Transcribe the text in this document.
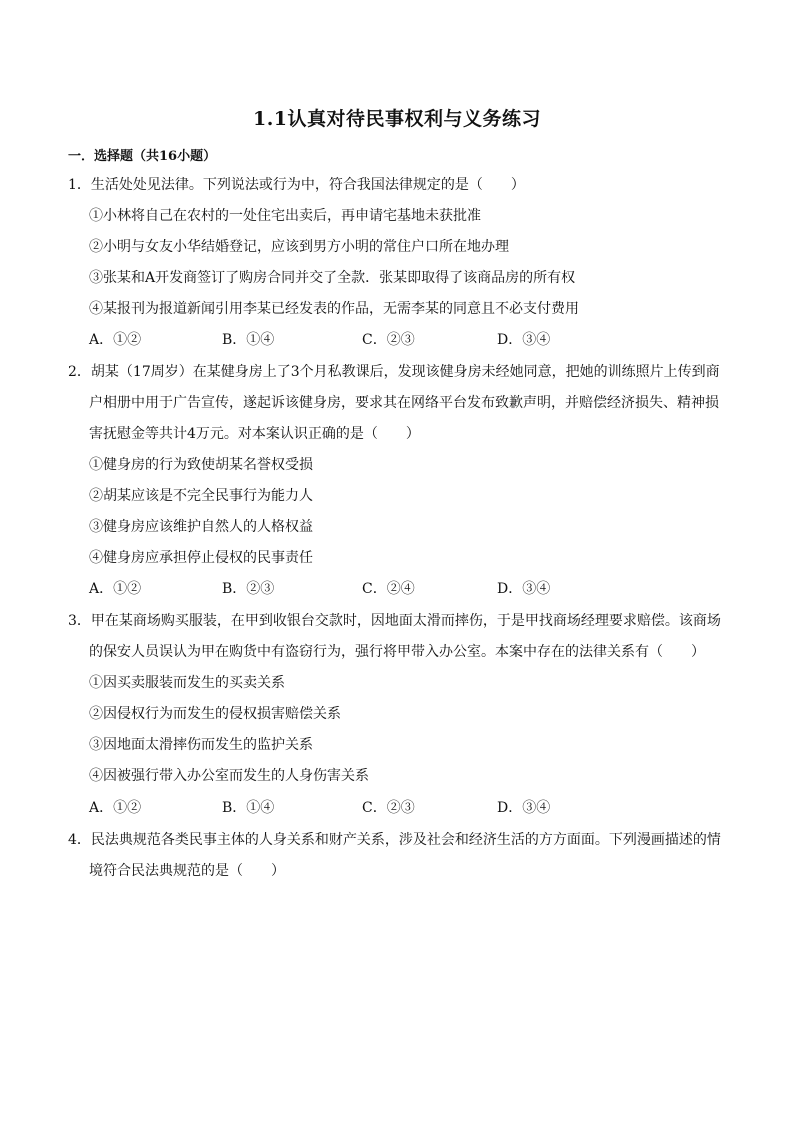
1.1认真对待民事权利与义务练习
一．选择题（共16小题）
1．生活处处见法律。下列说法或行为中，符合我国法律规定的是（　　）
①小林将自己在农村的一处住宅出卖后，再申请宅基地未获批准
②小明与女友小华结婚登记，应该到男方小明的常住户口所在地办理
③张某和A开发商签订了购房合同并交了全款．张某即取得了该商品房的所有权
④某报刊为报道新闻引用李某已经发表的作品，无需李某的同意且不必支付费用
A．①②	B．①④	C．②③	D．③④
2．胡某（17周岁）在某健身房上了3个月私教课后，发现该健身房未经她同意，把她的训练照片上传到商
户相册中用于广告宣传，遂起诉该健身房，要求其在网络平台发布致歉声明，并赔偿经济损失、精神损
害抚慰金等共计4万元。对本案认识正确的是（　　）
①健身房的行为致使胡某名誉权受损
②胡某应该是不完全民事行为能力人
③健身房应该维护自然人的人格权益
④健身房应承担停止侵权的民事责任
A．①②	B．②③	C．②④	D．③④
3．甲在某商场购买服装，在甲到收银台交款时，因地面太滑而摔伤，于是甲找商场经理要求赔偿。该商场
的保安人员误认为甲在购货中有盗窃行为，强行将甲带入办公室。本案中存在的法律关系有（　　）
①因买卖服装而发生的买卖关系
②因侵权行为而发生的侵权损害赔偿关系
③因地面太滑摔伤而发生的监护关系
④因被强行带入办公室而发生的人身伤害关系
A．①②	B．①④	C．②③	D．③④
4．民法典规范各类民事主体的人身关系和财产关系，涉及社会和经济生活的方方面面。下列漫画描述的情
境符合民法典规范的是（　　）
